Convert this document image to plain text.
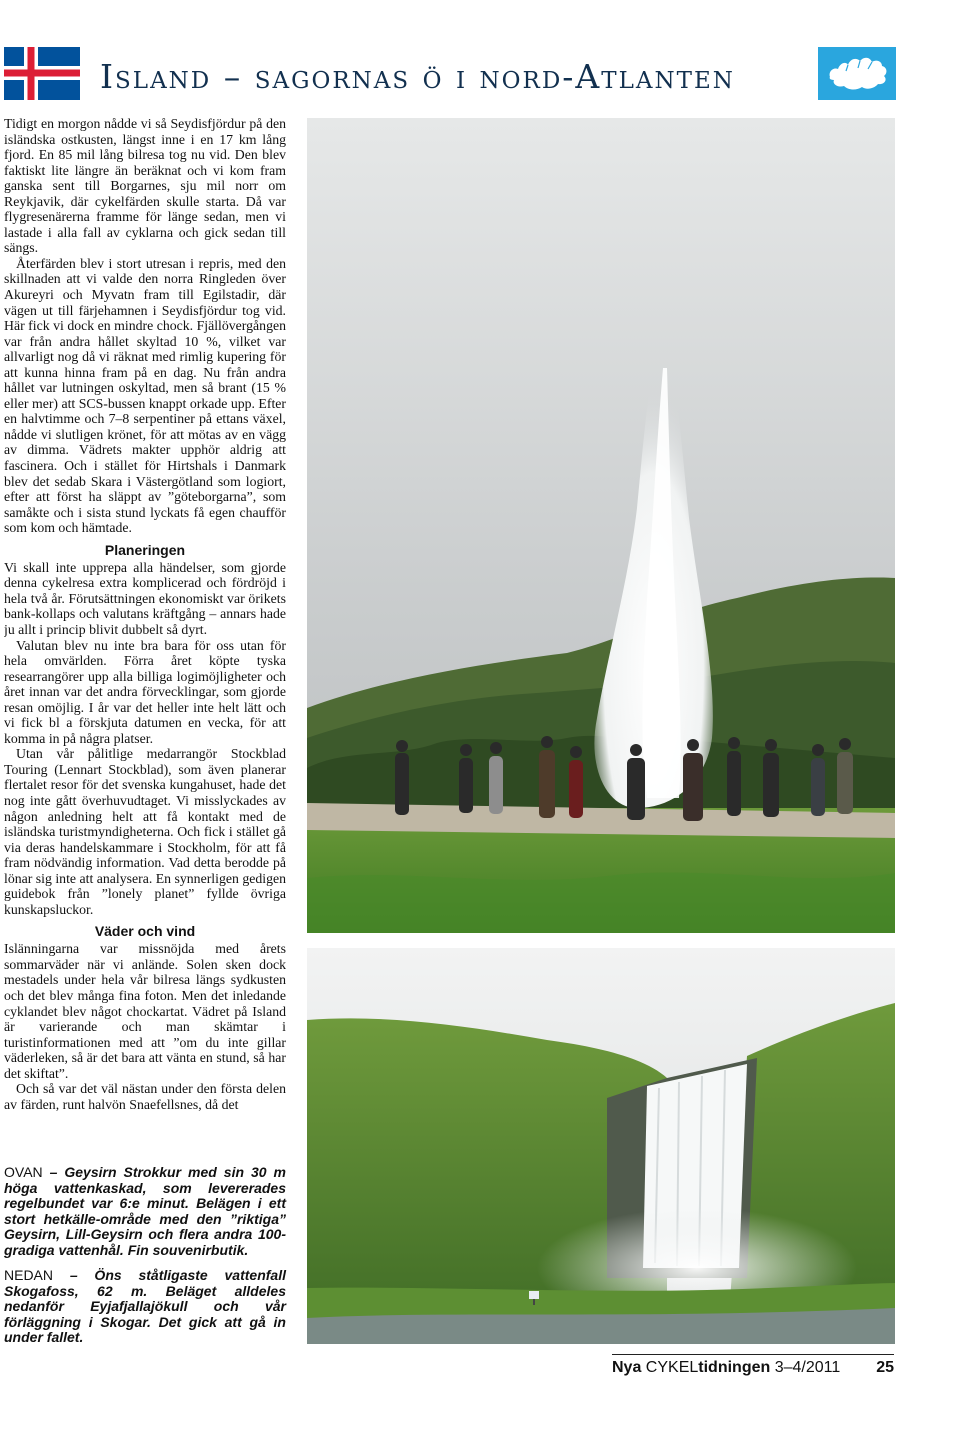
Island – sagornas ö i nord-Atlanten

Tidigt en morgon nådde vi så Seydisfjördur på den isländska ostkusten, längst inne i en 17 km lång fjord. En 85 mil lång bilresa tog nu vid. Den blev faktiskt lite längre än beräknat och vi kom fram ganska sent till Borgarnes, sju mil norr om Reykjavik, där cykelfärden skulle starta. Då var flygresenärerna framme för länge sedan, men vi lastade i alla fall av cyklarna och gick sedan till sängs.

Återfärden blev i stort utresan i repris, med den skillnaden att vi valde den norra Ringleden över Akureyri och Myvatn fram till Egilstadir, där vägen ut till färjehamnen i Seydisfjördur tog vid. Här fick vi dock en mindre chock. Fjällövergången var från andra hållet skyltad 10 %, vilket var allvarligt nog då vi räknat med rimlig kupering för att kunna hinna fram på en dag. Nu från andra hållet var lutningen oskyltad, men så brant (15 % eller mer) att SCS-bussen knappt orkade upp. Efter en halvtimme och 7–8 serpentiner på ettans växel, nådde vi slutligen krönet, för att mötas av en vägg av dimma. Vädrets makter upphör aldrig att fascinera. Och i stället för Hirtshals i Danmark blev det sedab Skara i Västergötland som logiort, efter att först ha släppt av ”göteborgarna”, som samåkte och i sista stund lyckats få egen chaufför som kom och hämtade.

Planeringen

Vi skall inte upprepa alla händelser, som gjorde denna cykelresa extra komplicerad och fördröjd i hela två år. Förutsättningen ekonomiskt var örikets bank-kollaps och valutans kräftgång – annars hade ju allt i princip blivit dubbelt så dyrt.

Valutan blev nu inte bra bara för oss utan för hela omvärlden. Förra året köpte tyska researrangörer upp alla billiga logimöjligheter och året innan var det andra förvecklingar, som gjorde resan omöjlig. I år var det heller inte helt lätt och vi fick bl a förskjuta datumen en vecka, för att komma in på några platser.

Utan vår pålitlige medarrangör Stockblad Touring (Lennart Stockblad), som även planerar flertalet resor för det svenska kungahuset, hade det nog inte gått överhuvudtaget. Vi misslyckades av någon anledning helt att få kontakt med de isländska turistmyndigheterna. Och fick i stället gå via deras handelskammare i Stockholm, för att få fram nödvändig information. Vad detta berodde på lönar sig inte att analysera. En synnerligen gedigen guidebok från ”lonely planet” fyllde övriga kunskapsluckor.

Väder och vind

Islänningarna var missnöjda med årets sommarväder när vi anlände. Solen sken dock mestadels under hela vår bilresa längs sydkusten och det blev många fina foton. Men det inledande cyklandet blev något chockartat. Vädret på Island är varierande och man skämtar i turistinformationen med att ”om du inte gillar väderleken, så är det bara att vänta en stund, så har det skiftat”.

Och så var det väl nästan under den första delen av färden, runt halvön Snaefellsnes, då det

OVAN – Geysirn Strokkur med sin 30 m höga vattenkaskad, som levererades regelbundet var 6:e minut. Belägen i ett stort hetkälle-område med den ”riktiga” Geysirn, Lill-Geysirn och flera andra 100-gradiga vattenhål. Fin souvenirbutik.

NEDAN – Öns ståtligaste vattenfall Skogafoss, 62 m. Beläget alldeles nedanför Eyjafjallajökull och vår förläggning i Skogar. Det gick att gå in under fallet.

Nya CYKELtidningen 3–4/2011 25
